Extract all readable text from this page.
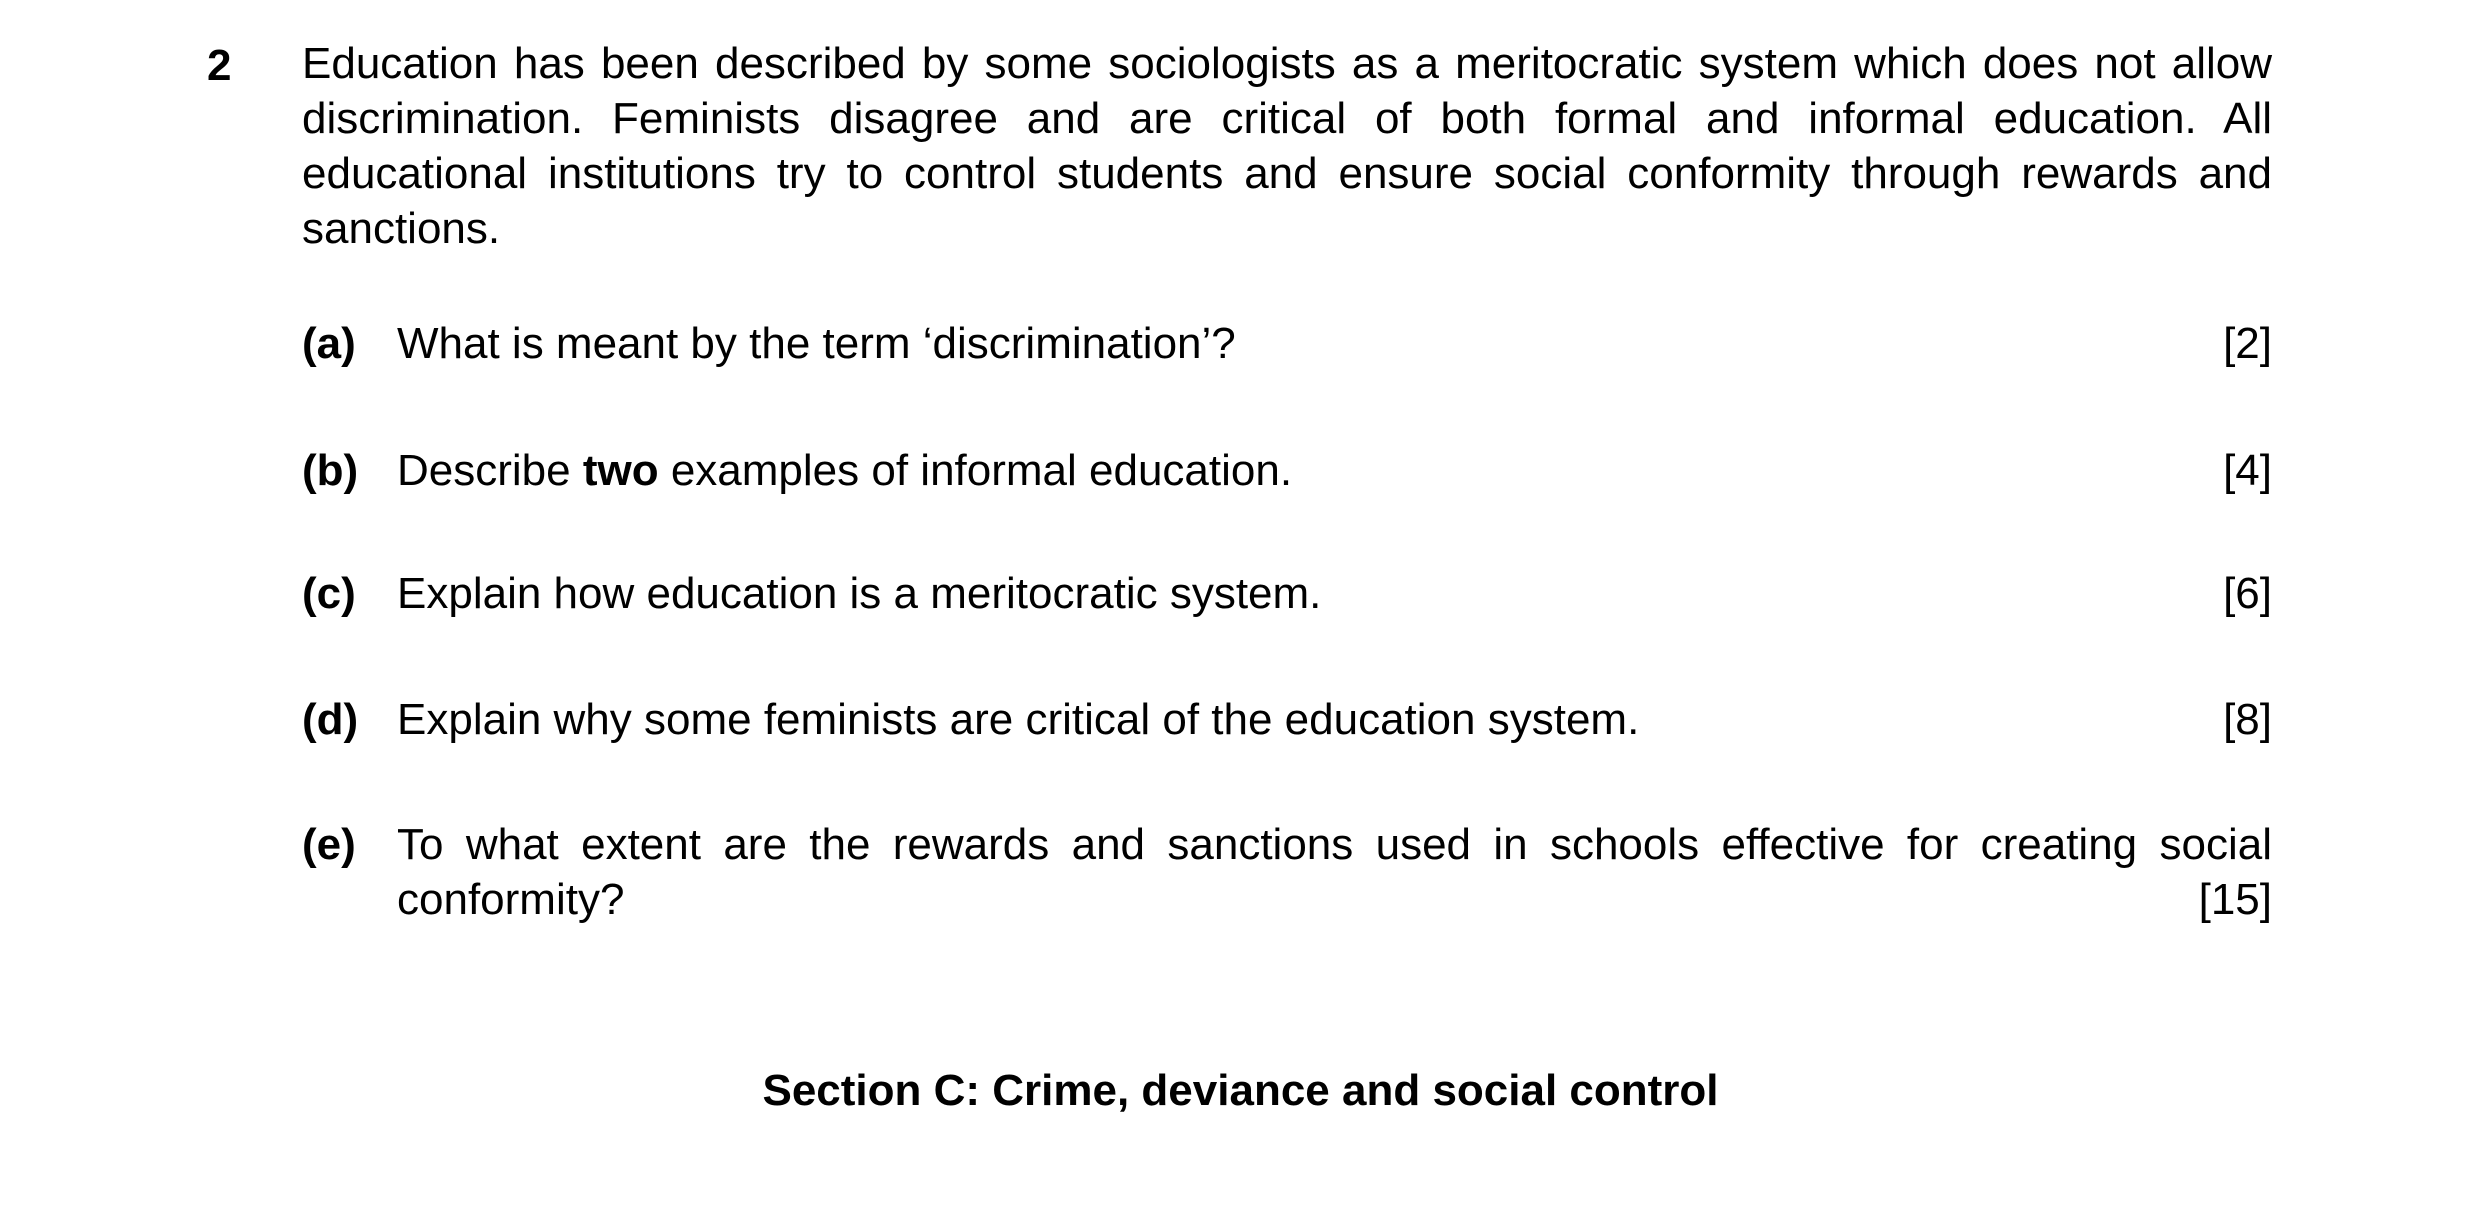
2 Education has been described by some sociologists as a meritocratic system which does not allow discrimination. Feminists disagree and are critical of both formal and informal education. All educational institutions try to control students and ensure social conformity through rewards and sanctions.
(a) What is meant by the term ‘discrimination’?	[2]
(b) Describe two examples of informal education.	[4]
(c) Explain how education is a meritocratic system.	[6]
(d) Explain why some feminists are critical of the education system.	[8]
(e) To what extent are the rewards and sanctions used in schools effective for creating social
conformity?	[15]
Section C: Crime, deviance and social control
